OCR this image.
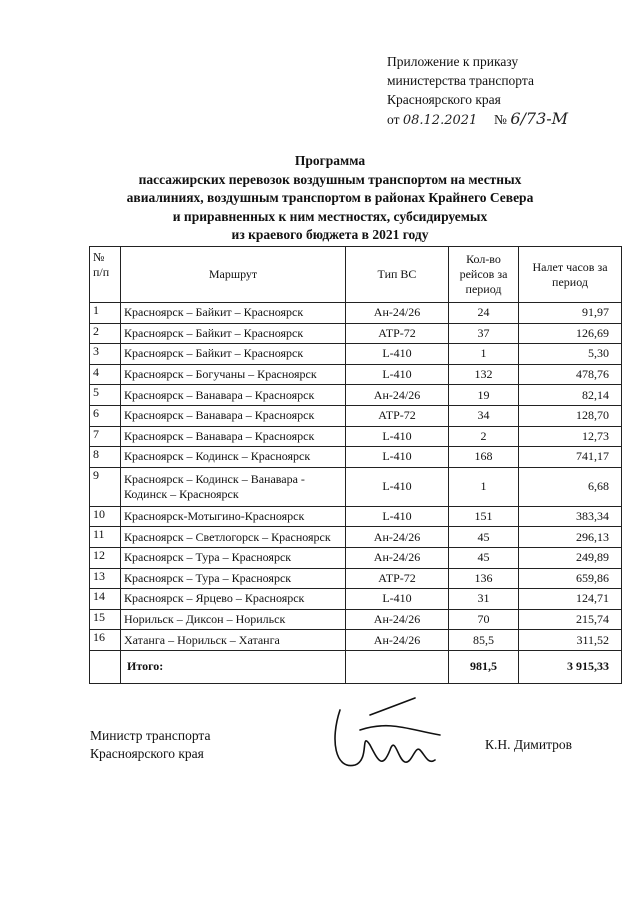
Приложение к приказу
министерства транспорта
Красноярского края
от 08.12.2021 № 6/73-M
Программа
пассажирских перевозок воздушным транспортом на местных
авиалиниях, воздушным транспортом в районах Крайнего Севера
и приравненных к ним местностях, субсидируемых
из краевого бюджета в 2021 году
№ п/п	Маршрут	Тип ВС	Кол-во рейсов за период	Налет часов за период
1	Красноярск – Байкит – Красноярск	Ан-24/26	24	91,97
2	Красноярск – Байкит – Красноярск	АТР-72	37	126,69
3	Красноярск – Байкит – Красноярск	L-410	1	5,30
4	Красноярск – Богучаны – Красноярск	L-410	132	478,76
5	Красноярск – Ванавара – Красноярск	Ан-24/26	19	82,14
6	Красноярск – Ванавара – Красноярск	АТР-72	34	128,70
7	Красноярск – Ванавара – Красноярск	L-410	2	12,73
8	Красноярск – Кодинск – Красноярск	L-410	168	741,17
9	Красноярск – Кодинск – Ванавара - Кодинск – Красноярск	L-410	1	6,68
10	Красноярск-Мотыгино-Красноярск	L-410	151	383,34
11	Красноярск – Светлогорск – Красноярск	Ан-24/26	45	296,13
12	Красноярск – Тура – Красноярск	Ан-24/26	45	249,89
13	Красноярск – Тура – Красноярск	АТР-72	136	659,86
14	Красноярск – Ярцево – Красноярск	L-410	31	124,71
15	Норильск – Диксон – Норильск	Ан-24/26	70	215,74
16	Хатанга – Норильск – Хатанга	Ан-24/26	85,5	311,52
	Итого:		981,5	3 915,33
Министр транспорта
Красноярского края
К.Н. Димитров
